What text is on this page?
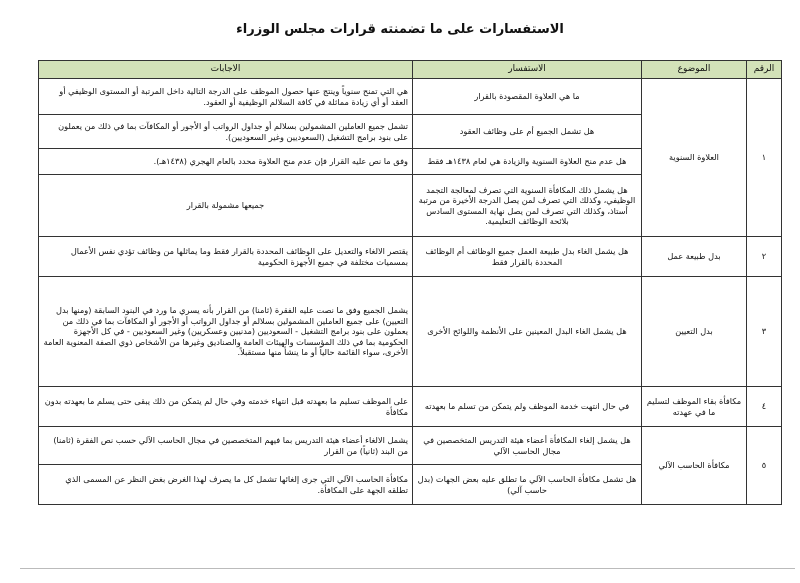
الاستفسارات على ما تضمنته قرارات مجلس الوزراء
الرقم	الموضوع	الاستفسار	الاجابات
١	العلاوة السنوية	ما هي العلاوة المقصودة بالقرار	هي التي تمنح سنوياً وينتج عنها حصول الموظف على الدرجة التالية داخل المرتبة أو المستوى الوظيفي أو العقد أو أي زيادة مماثلة في كافة السلالم الوظيفية أو العقود.
		هل تشمل الجميع أم على وظائف العقود	تشمل جميع العاملين المشمولين بسلالم أو جداول الرواتب أو الأجور أو المكافآت بما في ذلك من يعملون على بنود برامج التشغيل (السعوديين وغير السعوديين).
		هل عدم منح العلاوة السنوية والزيادة هي لعام ١٤٣٨هـ فقط	وفق ما نص عليه القرار فإن عدم منح العلاوة محدد بالعام الهجري (١٤٣٨هـ).
		هل يشمل ذلك المكافأة السنوية التي تصرف لمعالجة التجمد الوظيفي، وكذلك التي تصرف لمن يصل الدرجة الأخيرة من مرتبة أستاذ، وكذلك التي تصرف لمن يصل نهاية المستوى السادس بلائحة الوظائف التعليمية.	جميعها مشمولة بالقرار
٢	بدل طبيعة عمل	هل يشمل الغاء بدل طبيعة العمل جميع الوظائف أم الوظائف المحددة بالقرار فقط	يقتصر الالغاء والتعديل على الوظائف المحددة بالقرار فقط وما يماثلها من وظائف تؤدي نفس الأعمال بمسميات مختلفة في جميع الأجهزة الحكومية
٣	بدل التعيين	هل يشمل الغاء البدل المعينين على الأنظمة واللوائح الأخرى	يشمل الجميع وفق ما نصت عليه الفقرة (ثامنا) من القرار بأنه يسري ما ورد في البنود السابقة (ومنها بدل التعيين) على جميع العاملين المشمولين بسلالم أو جداول الرواتب أو الأجور أو المكافآت بما في ذلك من يعملون على بنود برامج التشغيل - السعوديين (مدنيين وعسكريين) وغير السعوديين - في كل الأجهزة الحكومية بما في ذلك المؤسسات والهيئات العامة والصناديق وغيرها من الأشخاص ذوي الصفة المعنوية العامة الأخرى، سواء القائمة حالياً أو ما ينشأ منها مستقبلاً.
٤	مكافأة بقاء الموظف لتسليم ما في عهدته	في حال انتهت خدمة الموظف ولم يتمكن من تسلم ما بعهدته	على الموظف تسليم ما بعهدته قبل انتهاء خدمته وفي حال لم يتمكن من ذلك يبقى حتى يسلم ما بعهدته بدون مكافأة
٥	مكافأة الحاسب الآلي	هل يشمل إلغاء المكافأة أعضاء هيئة التدريس المتخصصين في مجال الحاسب الآلي	يشمل الالغاء أعضاء هيئة التدريس بما فيهم المتخصصين في مجال الحاسب الآلي حسب نص الفقرة (ثامنا) من البند (ثانياً) من القرار
		هل تشمل مكافأة الحاسب الآلي ما تطلق عليه بعض الجهات (بدل حاسب آلي)	مكافأة الحاسب الآلي التي جرى إلغائها تشمل كل ما يصرف لهذا الغرض بغض النظر عن المسمى الذي تطلقه الجهة على المكافأة.
